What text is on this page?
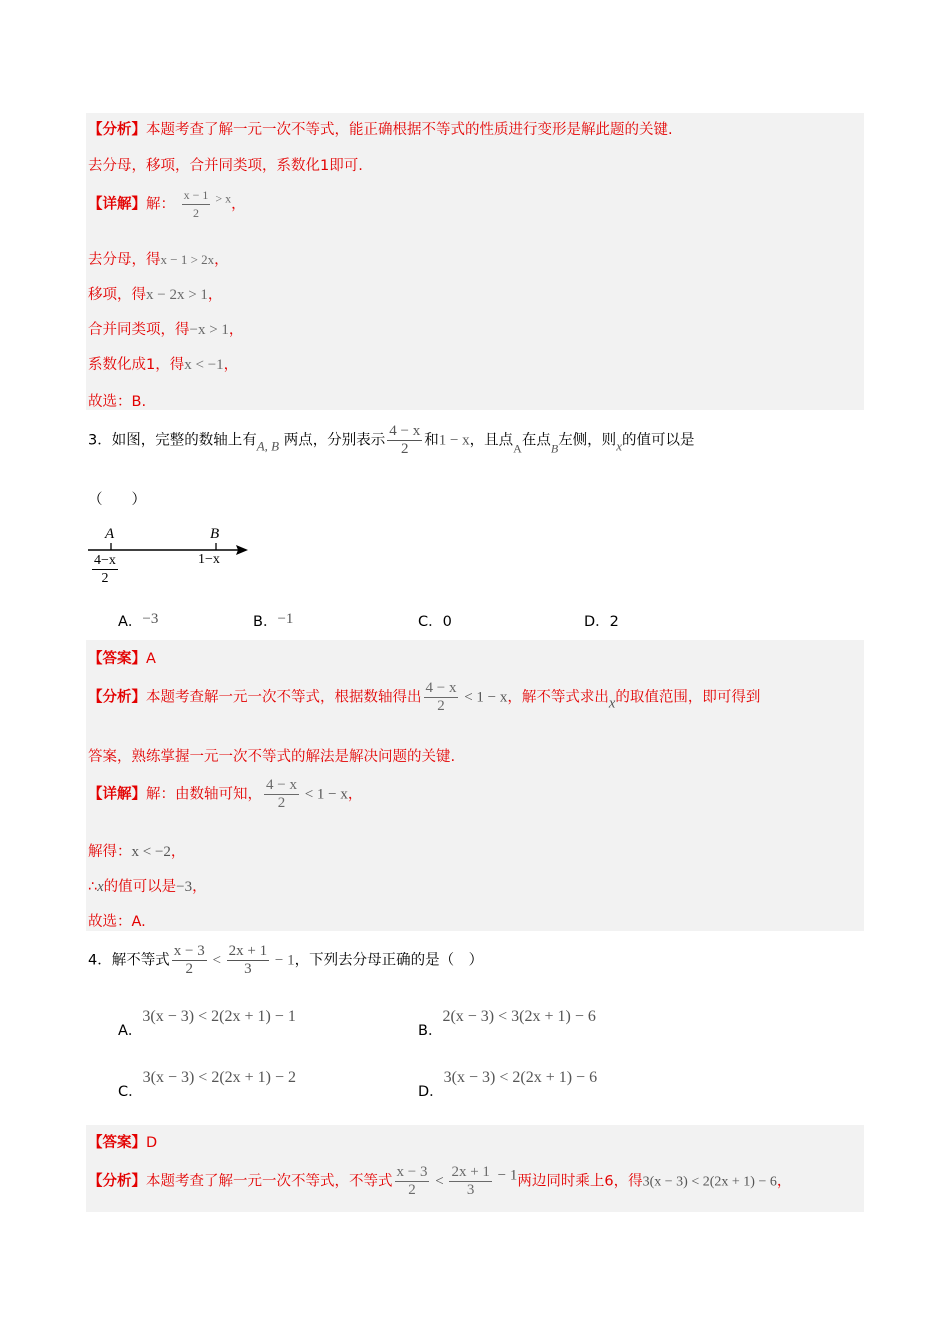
【分析】本题考查了解一元一次不等式，能正确根据不等式的性质进行变形是解此题的关键.
去分母，移项，合并同类项，系数化1即可.
【详解】解： $\frac{x - 1}{2} ^{> x}$，
去分母，得x − 1 > 2x，
移项，得x − 2x > 1，
合并同类项，得−x > 1，
系数化成1，得x < −1，
故选：B.
3．如图，完整的数轴上有A, B 两点，分别表示 $\frac{4 - x}{2}$ 和1 − x，且点$_A$在点$_B$左侧，则x的值可以是
（　　）
A	B
$\frac{4-x}{2}$	1−x
A．−3	B．−1	C．0	D．2
【答案】A
【分析】本题考查解一元一次不等式，根据数轴得出 $\frac{4 - x}{2} < 1 - x$，解不等式求出x的取值范围，即可得到
答案，熟练掌握一元一次不等式的解法是解决问题的关键.
【详解】解：由数轴可知， $\frac{4 - x}{2} < 1 - x$，
解得：x < −2，
∴x的值可以是−3，
故选：A.
4．解不等式 $\frac{x - 3}{2} < \frac{2x + 1}{3} - 1$，下列去分母正确的是（　）
A．3(x − 3) < 2(2x + 1) − 1
B．2(x − 3) < 3(2x + 1) − 6
C．3(x − 3) < 2(2x + 1) − 2
D．3(x − 3) < 2(2x + 1) − 6
【答案】D
【分析】本题考查了解一元一次不等式，不等式 $\frac{x - 3}{2} < \frac{2x + 1}{3} - 1$两边同时乘上6，得3(x − 3) < 2(2x + 1) − 6，
